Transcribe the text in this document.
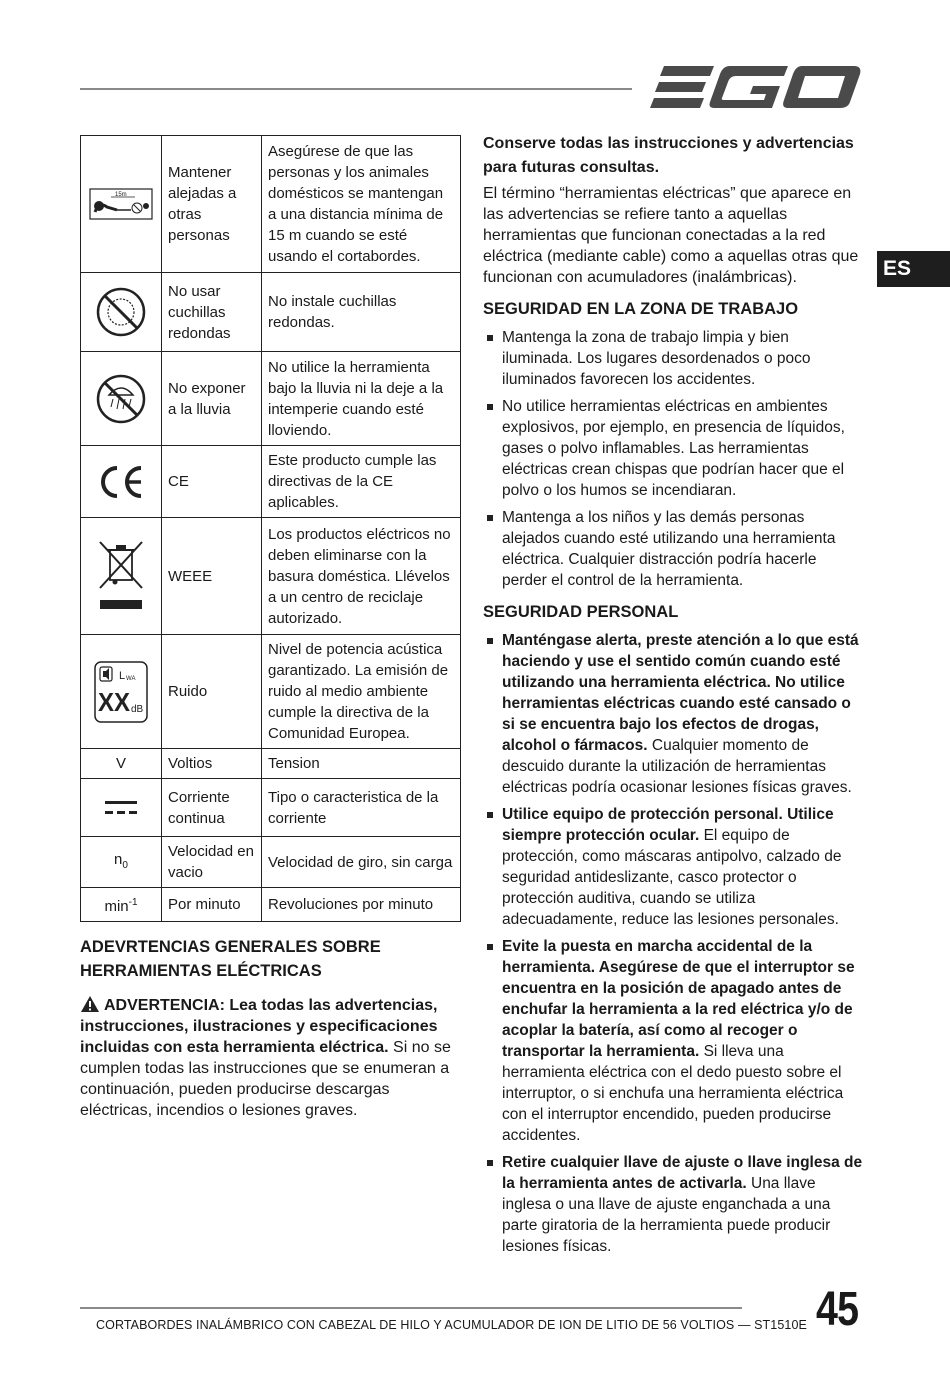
ES
15m	Mantener alejadas a otras personas	Asegúrese de que las personas y los animales domésticos se mantengan a una distancia mínima de 15 m cuando se esté usando el cortabordes.

	No usar cuchillas redondas	No instale cuchillas redondas.

	No exponer a la lluvia	No utilice la herramienta bajo la lluvia ni la deje a la intemperie cuando esté lloviendo.

	CE	Este producto cumple las directivas de la CE aplicables.

	WEEE	Los productos eléctricos no deben eliminarse con la basura doméstica. Llévelos a un centro de reciclaje autorizado.

L WA
XX dB	Ruido	Nivel de potencia acústica garantizado. La emisión de ruido al medio ambiente cumple la directiva de la Comunidad Europea.
V	Voltios	Tension

	Corriente continua	Tipo o caracteristica de la corriente
$n_0$	Velocidad en vacio	Velocidad de giro, sin carga
$\min^{-1}$	Por minuto	Revoluciones por minuto

ADEVRTENCIAS GENERALES SOBRE HERRAMIENTAS ELÉCTRICAS

ADVERTENCIA: Lea todas las advertencias, instrucciones, ilustraciones y especificaciones incluidas con esta herramienta eléctrica. Si no se cumplen todas las instrucciones que se enumeran a continuación, pueden producirse descargas eléctricas, incendios o lesiones graves.

Conserve todas las instrucciones y advertencias para futuras consultas.

El término “herramientas eléctricas” que aparece en las advertencias se refiere tanto a aquellas herramientas que funcionan conectadas a la red eléctrica (mediante cable) como a aquellas otras que funcionan con acumuladores (inalámbricas).

SEGURIDAD EN LA ZONA DE TRABAJO

Mantenga la zona de trabajo limpia y bien iluminada. Los lugares desordenados o poco iluminados favorecen los accidentes.
No utilice herramientas eléctricas en ambientes explosivos, por ejemplo, en presencia de líquidos, gases o polvo inflamables. Las herramientas eléctricas crean chispas que podrían hacer que el polvo o los humos se incendiaran.
Mantenga a los niños y las demás personas alejados cuando esté utilizando una herramienta eléctrica. Cualquier distracción podría hacerle perder el control de la herramienta.

SEGURIDAD PERSONAL

Manténgase alerta, preste atención a lo que está haciendo y use el sentido común cuando esté utilizando una herramienta eléctrica. No utilice herramientas eléctricas cuando esté cansado o si se encuentra bajo los efectos de drogas, alcohol o fármacos. Cualquier momento de descuido durante la utilización de herramientas eléctricas podría ocasionar lesiones físicas graves.
Utilice equipo de protección personal. Utilice siempre protección ocular. El equipo de protección, como máscaras antipolvo, calzado de seguridad antideslizante, casco protector o protección auditiva, cuando se utiliza adecuadamente, reduce las lesiones personales.
Evite la puesta en marcha accidental de la herramienta. Asegúrese de que el interruptor se encuentra en la posición de apagado antes de enchufar la herramienta a la red eléctrica y/o de acoplar la batería, así como al recoger o transportar la herramienta. Si lleva una herramienta eléctrica con el dedo puesto sobre el interruptor, o si enchufa una herramienta eléctrica con el interruptor encendido, pueden producirse accidentes.
Retire cualquier llave de ajuste o llave inglesa de la herramienta antes de activarla. Una llave inglesa o una llave de ajuste enganchada a una parte giratoria de la herramienta puede producir lesiones físicas.
CORTABORDES INALÁMBRICO CON CABEZAL DE HILO Y ACUMULADOR DE ION DE LITIO DE 56 VOLTIOS — ST1510E 45
